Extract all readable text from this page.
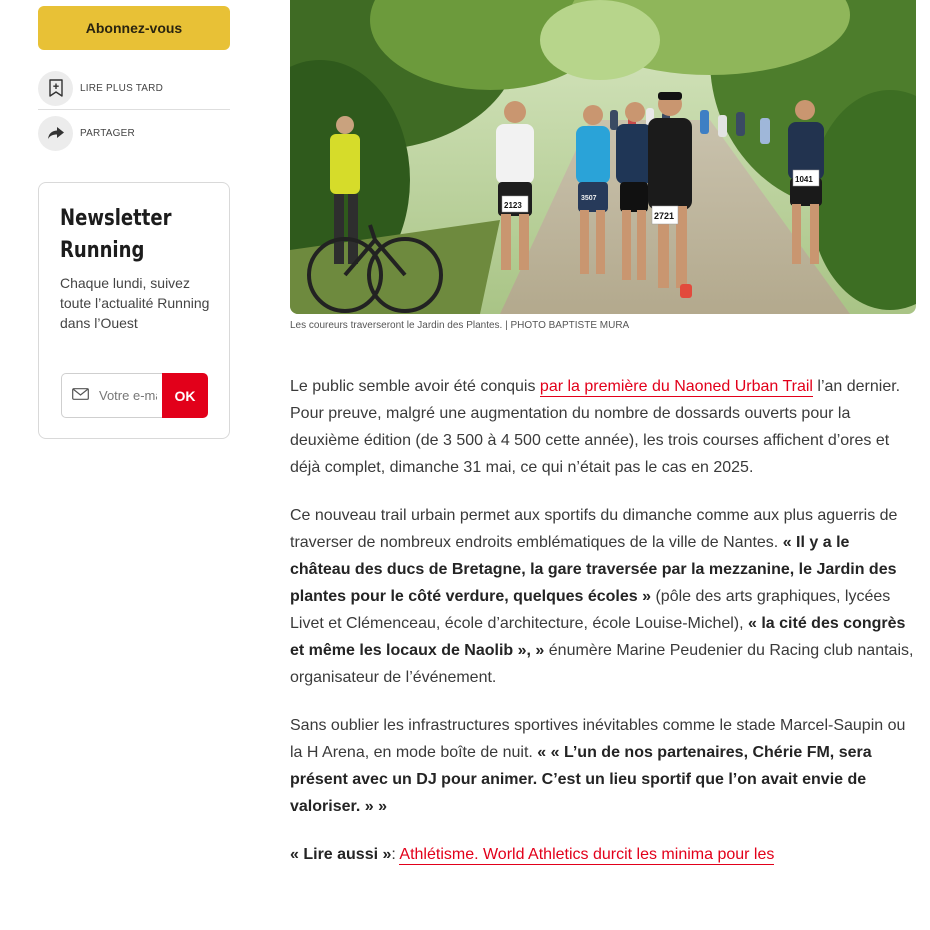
Abonnez-vous
LIRE PLUS TARD
PARTAGER
Newsletter Running
Chaque lundi, suivez toute l’actualité Running dans l’Ouest
Votre e-mail
OK
2123
2721
1041
3507
Les coureurs traverseront le Jardin des Plantes. | PHOTO BAPTISTE MURA

Le public semble avoir été conquis par la première du Naoned Urban Trail l’an dernier. Pour preuve, malgré une augmentation du nombre de dossards ouverts pour la deuxième édition (de 3 500 à 4 500 cette année), les trois courses affichent d’ores et déjà complet, dimanche 31 mai, ce qui n’était pas le cas en 2025.

Ce nouveau trail urbain permet aux sportifs du dimanche comme aux plus aguerris de traverser de nombreux endroits emblématiques de la ville de Nantes. « Il y a le château des ducs de Bretagne, la gare traversée par la mezzanine, le Jardin des plantes pour le côté verdure, quelques écoles » (pôle des arts graphiques, lycées Livet et Clémenceau, école d’architecture, école Louise-Michel), « la cité des congrès et même les locaux de Naolib », » énumère Marine Peudenier du Racing club nantais, organisateur de l’événement.

Sans oublier les infrastructures sportives inévitables comme le stade Marcel-Saupin ou la H Arena, en mode boîte de nuit. « « L’un de nos partenaires, Chérie FM, sera présent avec un DJ pour animer. C’est un lieu sportif que l’on avait envie de valoriser. » »

« Lire aussi »: Athlétisme. World Athletics durcit les minima pour les
